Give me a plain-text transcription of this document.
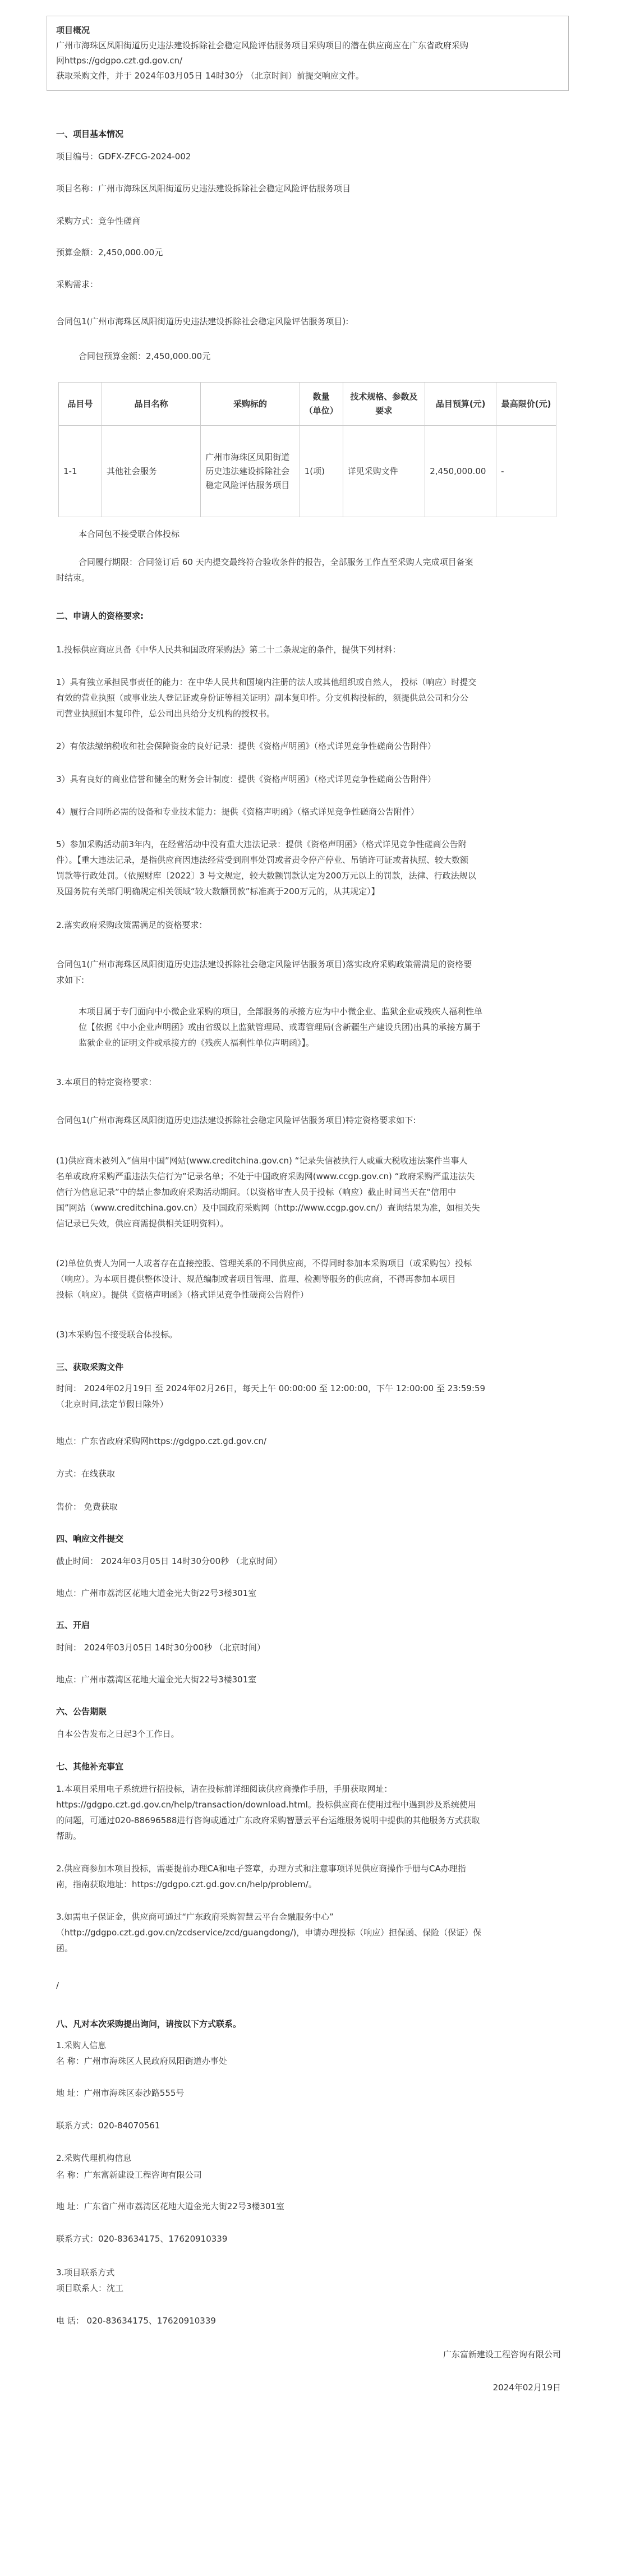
项目概况
广州市海珠区凤阳街道历史违法建设拆除社会稳定风险评估服务项目采购项目的潜在供应商应在广东省政府采购
网https://gdgpo.czt.gd.gov.cn/
获取采购文件，并于 2024年03月05日 14时30分 （北京时间）前提交响应文件。
一、项目基本情况
项目编号：GDFX-ZFCG-2024-002
项目名称：广州市海珠区凤阳街道历史违法建设拆除社会稳定风险评估服务项目
采购方式：竞争性磋商
预算金额：2,450,000.00元
采购需求：
合同包1(广州市海珠区凤阳街道历史违法建设拆除社会稳定风险评估服务项目):
合同包预算金额：2,450,000.00元
品目号	品目名称	采购标的	数量（单位）	技术规格、参数及要求	品目预算(元)	最高限价(元)
1-1	其他社会服务	广州市海珠区凤阳街道历史违法建设拆除社会稳定风险评估服务项目	1(项)	详见采购文件	2,450,000.00	-
本合同包不接受联合体投标
合同履行期限：合同签订后 60 天内提交最终符合验收条件的报告，全部服务工作直至采购人完成项目备案
时结束。
二、申请人的资格要求:
1.投标供应商应具备《中华人民共和国政府采购法》第二十二条规定的条件，提供下列材料：
1）具有独立承担民事责任的能力：在中华人民共和国境内注册的法人或其他组织或自然人， 投标（响应）时提交
有效的营业执照（或事业法人登记证或身份证等相关证明）副本复印件。分支机构投标的，须提供总公司和分公
司营业执照副本复印件，总公司出具给分支机构的授权书。
2）有依法缴纳税收和社会保障资金的良好记录：提供《资格声明函》（格式详见竞争性磋商公告附件）
3）具有良好的商业信誉和健全的财务会计制度：提供《资格声明函》（格式详见竞争性磋商公告附件）
4）履行合同所必需的设备和专业技术能力：提供《资格声明函》（格式详见竞争性磋商公告附件）
5）参加采购活动前3年内，在经营活动中没有重大违法记录：提供《资格声明函》（格式详见竞争性磋商公告附
件）。【重大违法记录，是指供应商因违法经营受到刑事处罚或者责令停产停业、吊销许可证或者执照、较大数额
罚款等行政处罚。（依照财库〔2022〕3 号文规定，较大数额罚款认定为200万元以上的罚款，法律、行政法规以
及国务院有关部门明确规定相关领域“较大数额罚款”标准高于200万元的，从其规定）】
2.落实政府采购政策需满足的资格要求：
合同包1(广州市海珠区凤阳街道历史违法建设拆除社会稳定风险评估服务项目)落实政府采购政策需满足的资格要
求如下:
本项目属于专门面向中小微企业采购的项目，全部服务的承接方应为中小微企业、监狱企业或残疾人福利性单
位【依据《中小企业声明函》或由省级以上监狱管理局、戒毒管理局(含新疆生产建设兵团)出具的承接方属于
监狱企业的证明文件或承接方的《残疾人福利性单位声明函》】。
3.本项目的特定资格要求：
合同包1(广州市海珠区凤阳街道历史违法建设拆除社会稳定风险评估服务项目)特定资格要求如下:
(1)供应商未被列入“信用中国”网站(www.creditchina.gov.cn) “记录失信被执行人或重大税收违法案件当事人
名单或政府采购严重违法失信行为”记录名单；不处于中国政府采购网(www.ccgp.gov.cn) “政府采购严重违法失
信行为信息记录”中的禁止参加政府采购活动期间。（以资格审查人员于投标（响应）截止时间当天在“信用中
国”网站（www.creditchina.gov.cn）及中国政府采购网（http://www.ccgp.gov.cn/）查询结果为准，如相关失
信记录已失效，供应商需提供相关证明资料）。
(2)单位负责人为同一人或者存在直接控股、管理关系的不同供应商，不得同时参加本采购项目（或采购包）投标
（响应）。为本项目提供整体设计、规范编制或者项目管理、监理、检测等服务的供应商，不得再参加本项目
投标（响应）。提供《资格声明函》（格式详见竞争性磋商公告附件）
(3)本采购包不接受联合体投标。
三、获取采购文件
时间： 2024年02月19日 至 2024年02月26日，每天上午 00:00:00 至 12:00:00，下午 12:00:00 至 23:59:59
（北京时间,法定节假日除外）
地点：广东省政府采购网https://gdgpo.czt.gd.gov.cn/
方式：在线获取
售价： 免费获取
四、响应文件提交
截止时间： 2024年03月05日 14时30分00秒 （北京时间）
地点：广州市荔湾区花地大道金光大街22号3楼301室
五、开启
时间： 2024年03月05日 14时30分00秒 （北京时间）
地点：广州市荔湾区花地大道金光大街22号3楼301室
六、公告期限
自本公告发布之日起3个工作日。
七、其他补充事宜
1.本项目采用电子系统进行招投标，请在投标前详细阅读供应商操作手册，手册获取网址：
https://gdgpo.czt.gd.gov.cn/help/transaction/download.html。投标供应商在使用过程中遇到涉及系统使用
的问题，可通过020-88696588进行咨询或通过广东政府采购智慧云平台运维服务说明中提供的其他服务方式获取
帮助。
2.供应商参加本项目投标，需要提前办理CA和电子签章，办理方式和注意事项详见供应商操作手册与CA办理指
南，指南获取地址：https://gdgpo.czt.gd.gov.cn/help/problem/。
3.如需电子保证金，供应商可通过“广东政府采购智慧云平台金融服务中心”
（http://gdgpo.czt.gd.gov.cn/zcdservice/zcd/guangdong/)，申请办理投标（响应）担保函、保险（保证）保
函。
/
八、凡对本次采购提出询问，请按以下方式联系。
1.采购人信息
名 称：广州市海珠区人民政府凤阳街道办事处
地 址：广州市海珠区泰沙路555号
联系方式：020-84070561
2.采购代理机构信息
名 称：广东富新建设工程咨询有限公司
地 址：广东省广州市荔湾区花地大道金光大街22号3楼301室
联系方式：020-83634175、17620910339
3.项目联系方式
项目联系人：沈工
电 话： 020-83634175、17620910339
广东富新建设工程咨询有限公司
2024年02月19日
